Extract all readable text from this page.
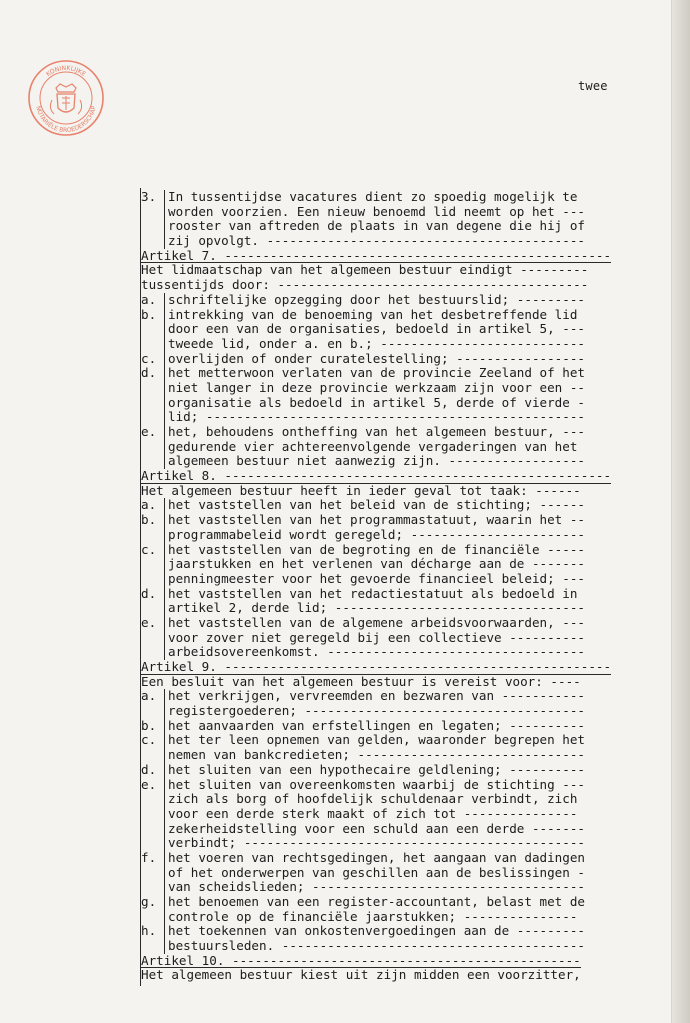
KONINKLIJKE
NOTARIËLE BROEDERSCHAP
twee
3. In tussentijdse vacatures dient zo spoedig mogelijk te
worden voorzien. Een nieuw benoemd lid neemt op het ---
rooster van aftreden de plaats in van degene die hij of
zij opvolgt. ------------------------------------------
Artikel 7. ---------------------------------------------------
Het lidmaatschap van het algemeen bestuur eindigt ---------
tussentijds door: -----------------------------------------
a. schriftelijke opzegging door het bestuurslid; ---------
b. intrekking van de benoeming van het desbetreffende lid
door een van de organisaties, bedoeld in artikel 5, ---
tweede lid, onder a. en b.; ---------------------------
c. overlijden of onder curatelestelling; -----------------
d. het metterwoon verlaten van de provincie Zeeland of het
niet langer in deze provincie werkzaam zijn voor een --
organisatie als bedoeld in artikel 5, derde of vierde -
lid; --------------------------------------------------
e. het, behoudens ontheffing van het algemeen bestuur, ---
gedurende vier achtereenvolgende vergaderingen van het
algemeen bestuur niet aanwezig zijn. ------------------
Artikel 8. ---------------------------------------------------
Het algemeen bestuur heeft in ieder geval tot taak: ------
a. het vaststellen van het beleid van de stichting; ------
b. het vaststellen van het programmastatuut, waarin het --
programmabeleid wordt geregeld; -----------------------
c. het vaststellen van de begroting en de financiële -----
jaarstukken en het verlenen van décharge aan de -------
penningmeester voor het gevoerde financieel beleid; ---
d. het vaststellen van het redactiestatuut als bedoeld in
artikel 2, derde lid; ---------------------------------
e. het vaststellen van de algemene arbeidsvoorwaarden, ---
voor zover niet geregeld bij een collectieve ----------
arbeidsovereenkomst. ----------------------------------
Artikel 9. ---------------------------------------------------
Een besluit van het algemeen bestuur is vereist voor: ----
a. het verkrijgen, vervreemden en bezwaren van -----------
registergoederen; -------------------------------------
b. het aanvaarden van erfstellingen en legaten; ----------
c. het ter leen opnemen van gelden, waaronder begrepen het
nemen van bankcredieten; ------------------------------
d. het sluiten van een hypothecaire geldlening; ----------
e. het sluiten van overeenkomsten waarbij de stichting ---
zich als borg of hoofdelijk schuldenaar verbindt, zich
voor een derde sterk maakt of zich tot ---------------
zekerheidstelling voor een schuld aan een derde -------
verbindt; ---------------------------------------------
f. het voeren van rechtsgedingen, het aangaan van dadingen
of het onderwerpen van geschillen aan de beslissingen -
van scheidslieden; ------------------------------------
g. het benoemen van een register-accountant, belast met de
controle op de financiële jaarstukken; ---------------
h. het toekennen van onkostenvergoedingen aan de ---------
bestuursleden. ----------------------------------------
Artikel 10. ----------------------------------------------
Het algemeen bestuur kiest uit zijn midden een voorzitter,
